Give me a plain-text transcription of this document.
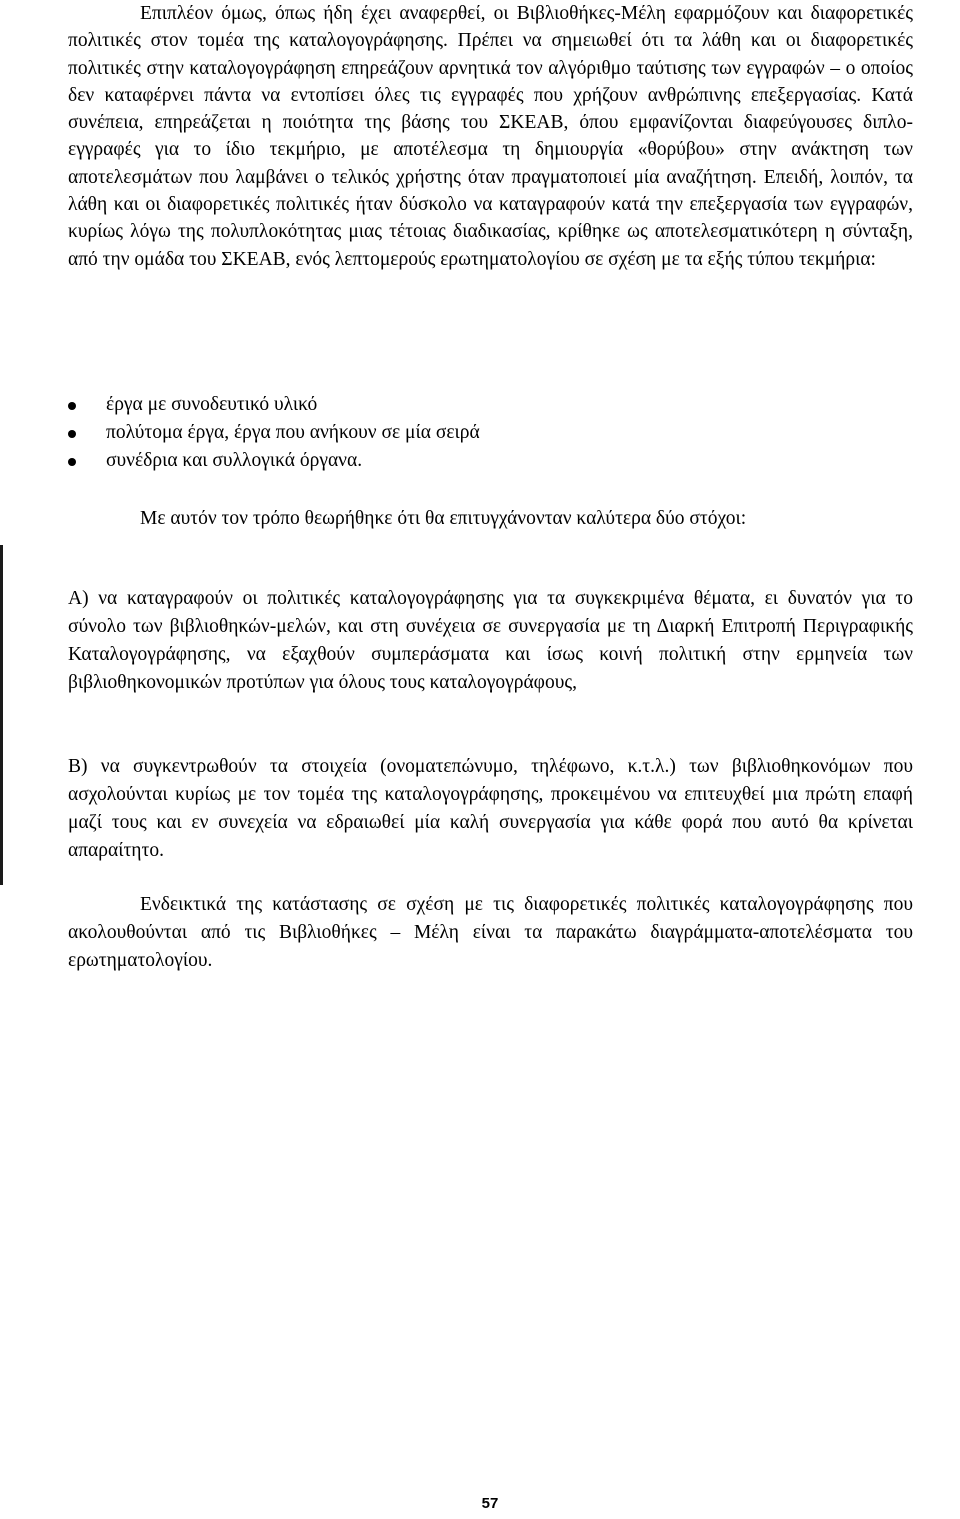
Επιπλέον όμως, όπως ήδη έχει αναφερθεί, οι Βιβλιοθήκες-Μέλη εφαρμόζουν και διαφορετικές πολιτικές στον τομέα της καταλογογράφησης. Πρέπει να σημειωθεί ότι τα λάθη και οι διαφορετικές πολιτικές στην καταλογογράφηση επηρεάζουν αρνητικά τον αλγόριθμο ταύτισης των εγγραφών – ο οποίος δεν καταφέρνει πάντα να εντοπίσει όλες τις εγγραφές που χρήζουν ανθρώπινης επεξεργασίας. Κατά συνέπεια, επηρεάζεται η ποιότητα της βάσης του ΣΚΕΑΒ, όπου εμφανίζονται διαφεύγουσες διπλο-εγγραφές για το ίδιο τεκμήριο, με αποτέλεσμα τη δημιουργία «θορύβου» στην ανάκτηση των αποτελεσμάτων που λαμβάνει ο τελικός χρήστης όταν πραγματοποιεί μία αναζήτηση. Επειδή, λοιπόν, τα λάθη και οι διαφορετικές πολιτικές ήταν δύσκολο να καταγραφούν κατά την επεξεργασία των εγγραφών, κυρίως λόγω της πολυπλοκότητας μιας τέτοιας διαδικασίας, κρίθηκε ως αποτελεσματικότερη η σύνταξη, από την ομάδα του ΣΚΕΑΒ, ενός λεπτομερούς ερωτηματολογίου σε σχέση με τα εξής τύπου τεκμήρια:

έργα με συνοδευτικό υλικό
πολύτομα έργα, έργα που ανήκουν σε μία σειρά
συνέδρια και συλλογικά όργανα.

Με αυτόν τον τρόπο θεωρήθηκε ότι θα επιτυγχάνονταν καλύτερα δύο στόχοι:

Α) να καταγραφούν οι πολιτικές καταλογογράφησης για τα συγκεκριμένα θέματα, ει δυνατόν για το σύνολο των βιβλιοθηκών-μελών, και στη συνέχεια σε συνεργασία με τη Διαρκή Επιτροπή Περιγραφικής Καταλογογράφησης, να εξαχθούν συμπεράσματα και ίσως κοινή πολιτική στην ερμηνεία των βιβλιοθηκονομικών προτύπων για όλους τους καταλογογράφους,

Β) να συγκεντρωθούν τα στοιχεία (ονοματεπώνυμο, τηλέφωνο, κ.τ.λ.) των βιβλιοθηκονόμων που ασχολούνται κυρίως με τον τομέα της καταλογογράφησης, προκειμένου να επιτευχθεί μια πρώτη επαφή μαζί τους και εν συνεχεία να εδραιωθεί μία καλή συνεργασία για κάθε φορά που αυτό θα κρίνεται απαραίτητο.

Ενδεικτικά της κατάστασης σε σχέση με τις διαφορετικές πολιτικές καταλογογράφησης που ακολουθούνται από τις Βιβλιοθήκες – Μέλη είναι τα παρακάτω διαγράμματα-αποτελέσματα του ερωτηματολογίου.

57
